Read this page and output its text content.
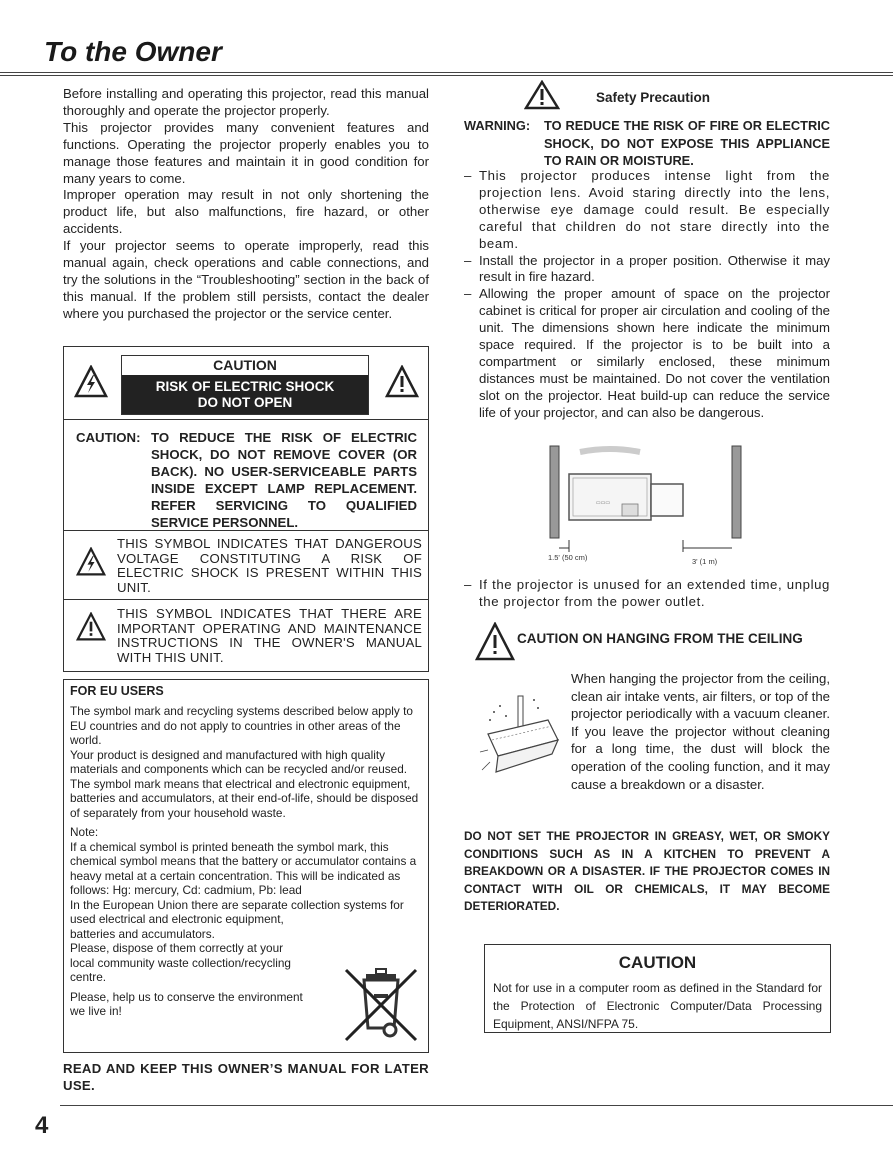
To the Owner

Before installing and operating this projector, read this manual thoroughly and operate the projector properly.

This projector provides many convenient features and functions. Operating the projector properly enables you to manage those features and maintain it in good condition for many years to come.

Improper operation may result in not only shortening the product life, but also malfunctions, fire hazard, or other accidents.

If your projector seems to operate improperly, read this manual again, check operations and cable connections, and try the solutions in the “Troubleshooting” section in the back of this manual. If the problem still persists, contact the dealer where you purchased the projector or the service center.

CAUTION
RISK OF ELECTRIC SHOCK
DO NOT OPEN
CAUTION: TO REDUCE THE RISK OF ELECTRIC SHOCK, DO NOT REMOVE COVER (OR BACK). NO USER-SERVICEABLE PARTS INSIDE EXCEPT LAMP REPLACEMENT. REFER SERVICING TO QUALIFIED SERVICE PERSONNEL.
THIS SYMBOL INDICATES THAT DANGEROUS VOLTAGE CONSTITUTING A RISK OF ELECTRIC SHOCK IS PRESENT WITHIN THIS UNIT.
THIS SYMBOL INDICATES THAT THERE ARE IMPORTANT OPERATING AND MAINTENANCE INSTRUCTIONS IN THE OWNER'S MANUAL WITH THIS UNIT.
FOR EU USERS

The symbol mark and recycling systems described below apply to EU countries and do not apply to countries in other areas of the world.

Your product is designed and manufactured with high quality materials and components which can be recycled and/or reused.

The symbol mark means that electrical and electronic equipment, batteries and accumulators, at their end-of-life, should be disposed of separately from your household waste.

Note:

If a chemical symbol is printed beneath the symbol mark, this chemical symbol means that the battery or accumulator contains a heavy metal at a certain concentration. This will be indicated as follows: Hg: mercury, Cd: cadmium, Pb: lead

In the European Union there are separate collection systems for used electrical and electronic equipment,

batteries and accumulators.

Please, dispose of them correctly at your

local community waste collection/recycling

centre.

Please, help us to conserve the environment

we live in!

READ AND KEEP THIS OWNER’S MANUAL FOR LATER USE.
Safety Precaution
WARNING: TO REDUCE THE RISK OF FIRE OR ELECTRIC SHOCK, DO NOT EXPOSE THIS APPLIANCE TO RAIN OR MOISTURE.
– This projector produces intense light from the projection lens. Avoid staring directly into the lens, otherwise eye damage could result. Be especially careful that children do not stare directly into the beam.
– Install the projector in a proper position. Otherwise it may result in fire hazard.
– Allowing the proper amount of space on the projector cabinet is critical for proper air circulation and cooling of the unit. The dimensions shown here indicate the minimum space required. If the projector is to be built into a compartment or similarly enclosed, these minimum distances must be maintained. Do not cover the ventilation slot on the projector. Heat build-up can reduce the service life of your projector, and can also be dangerous.
▭▭▭
1.5' (50 cm)	3' (1 m)
– If the projector is unused for an extended time, unplug the projector from the power outlet.
CAUTION ON HANGING FROM THE CEILING
When hanging the projector from the ceiling, clean air intake vents, air filters, or top of the projector periodically with a vacuum cleaner. If you leave the projector without cleaning for a long time, the dust will block the operation of the cooling function, and it may cause a breakdown or a disaster.
DO NOT SET THE PROJECTOR IN GREASY, WET, OR SMOKY CONDITIONS SUCH AS IN A KITCHEN TO PREVENT A BREAKDOWN OR A DISASTER. IF THE PROJECTOR COMES IN CONTACT WITH OIL OR CHEMICALS, IT MAY BECOME DETERIORATED.
CAUTION
Not for use in a computer room as defined in the Standard for the Protection of Electronic Computer/Data Processing Equipment, ANSI/NFPA 75.
4
